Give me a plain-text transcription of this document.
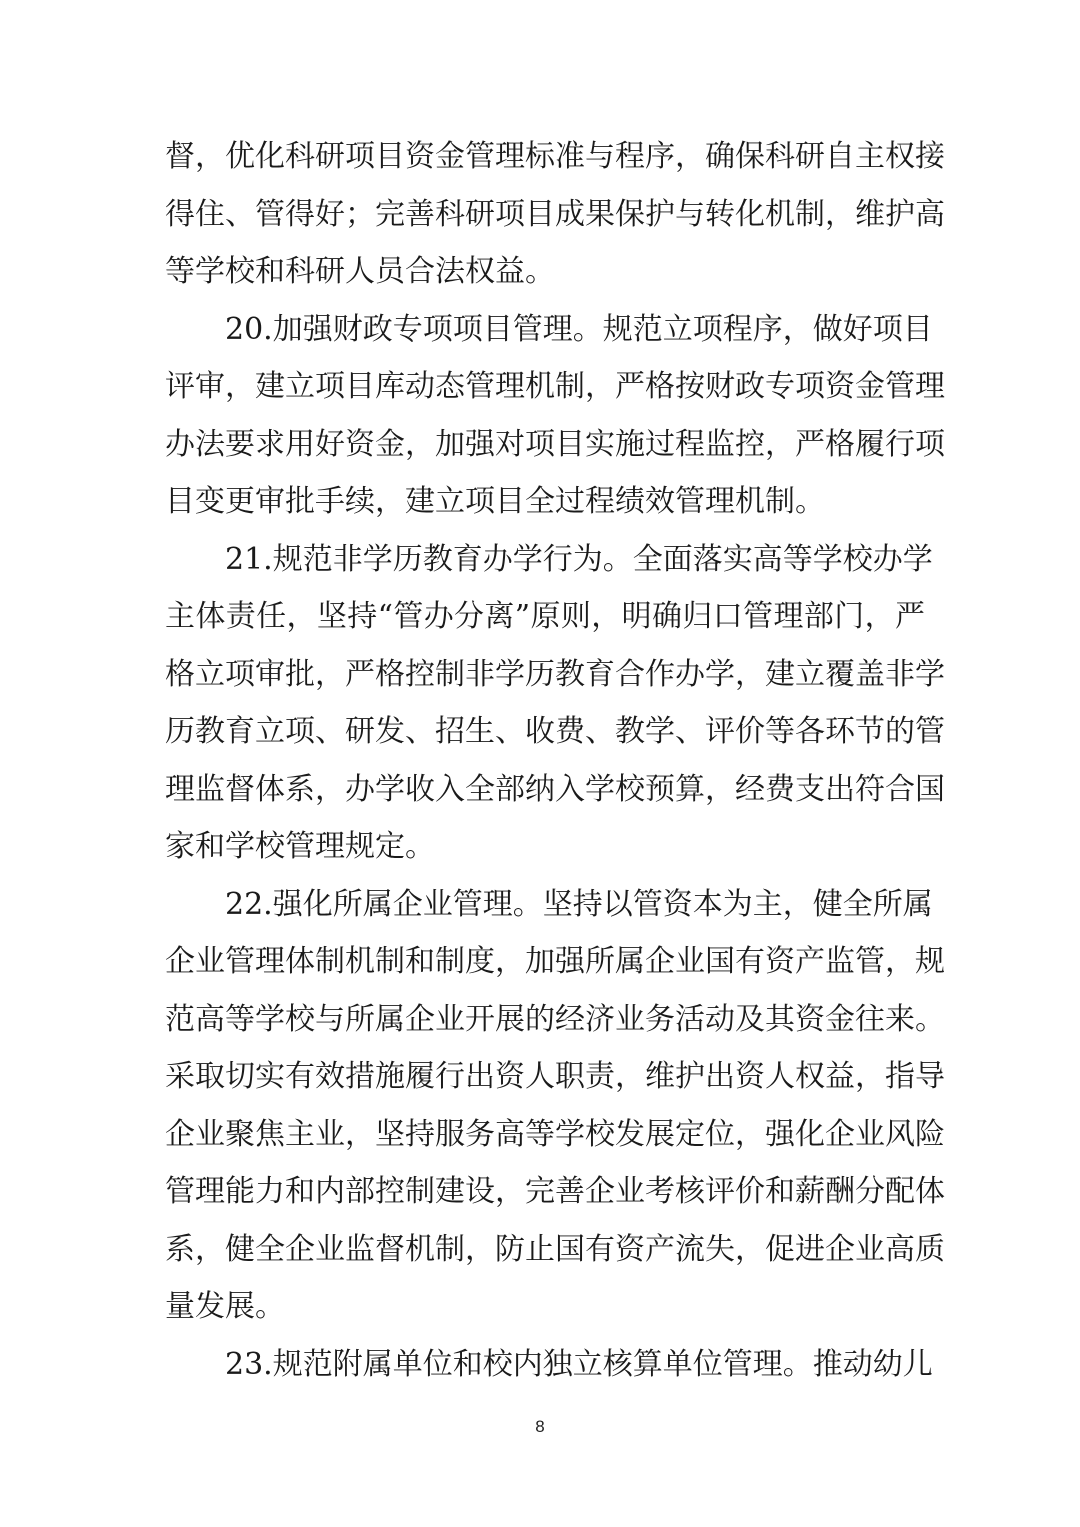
督，优化科研项目资金管理标准与程序，确保科研自主权接
得住、管得好；完善科研项目成果保护与转化机制，维护高
等学校和科研人员合法权益。
20.加强财政专项项目管理。规范立项程序，做好项目
评审，建立项目库动态管理机制，严格按财政专项资金管理
办法要求用好资金，加强对项目实施过程监控，严格履行项
目变更审批手续，建立项目全过程绩效管理机制。
21.规范非学历教育办学行为。全面落实高等学校办学
主体责任，坚持“管办分离”原则，明确归口管理部门，严
格立项审批，严格控制非学历教育合作办学，建立覆盖非学
历教育立项、研发、招生、收费、教学、评价等各环节的管
理监督体系，办学收入全部纳入学校预算，经费支出符合国
家和学校管理规定。
22.强化所属企业管理。坚持以管资本为主，健全所属
企业管理体制机制和制度，加强所属企业国有资产监管，规
范高等学校与所属企业开展的经济业务活动及其资金往来。
采取切实有效措施履行出资人职责，维护出资人权益，指导
企业聚焦主业，坚持服务高等学校发展定位，强化企业风险
管理能力和内部控制建设，完善企业考核评价和薪酬分配体
系，健全企业监督机制，防止国有资产流失，促进企业高质
量发展。
23.规范附属单位和校内独立核算单位管理。推动幼儿
8
